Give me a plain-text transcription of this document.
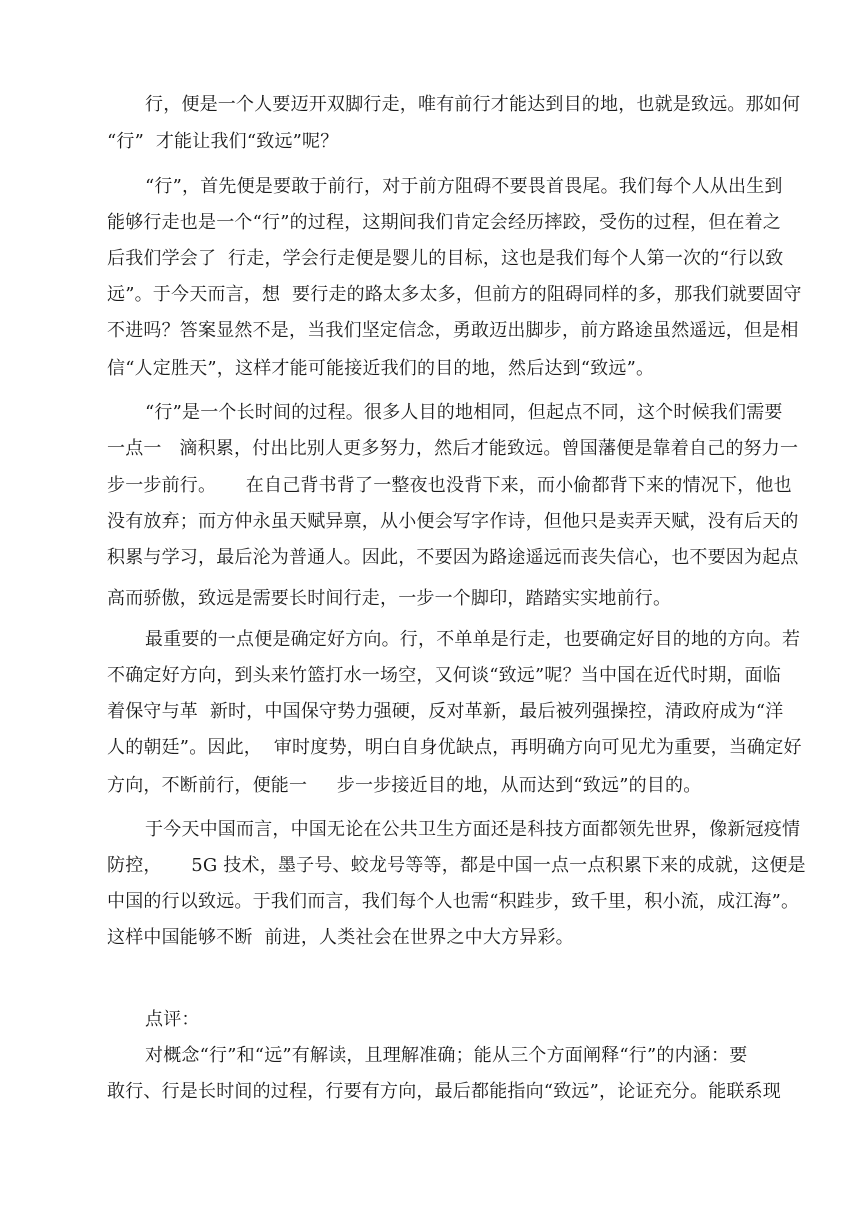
行，便是一个人要迈开双脚行走，唯有前行才能达到目的地，也就是致远。那如何
“行”  才能让我们“致远”呢？
“行”，首先便是要敢于前行，对于前方阻碍不要畏首畏尾。我们每个人从出生到
能够行走也是一个“行”的过程，这期间我们肯定会经历摔跤，受伤的过程，但在着之
后我们学会了  行走，学会行走便是婴儿的目标，这也是我们每个人第一次的“行以致
远”。于今天而言，想  要行走的路太多太多，但前方的阻碍同样的多，那我们就要固守
不进吗？答案显然不是，当我们坚定信念，勇敢迈出脚步，前方路途虽然遥远，但是相
信“人定胜天”，这样才能可能接近我们的目的地，然后达到“致远”。
“行”是一个长时间的过程。很多人目的地相同，但起点不同，这个时候我们需要
一点一   滴积累，付出比别人更多努力，然后才能致远。曾国藩便是靠着自己的努力一
步一步前行。     在自己背书背了一整夜也没背下来，而小偷都背下来的情况下，他也
没有放弃；而方仲永虽天赋异禀，从小便会写字作诗，但他只是卖弄天赋，没有后天的
积累与学习，最后沦为普通人。因此，不要因为路途遥远而丧失信心，也不要因为起点
高而骄傲，致远是需要长时间行走，一步一个脚印，踏踏实实地前行。
最重要的一点便是确定好方向。行，不单单是行走，也要确定好目的地的方向。若
不确定好方向，到头来竹篮打水一场空，又何谈“致远”呢？当中国在近代时期，面临
着保守与革  新时，中国保守势力强硬，反对革新，最后被列强操控，清政府成为“洋
人的朝廷”。因此，  审时度势，明白自身优缺点，再明确方向可见尤为重要，当确定好
方向，不断前行，便能一     步一步接近目的地，从而达到“致远”的目的。
于今天中国而言，中国无论在公共卫生方面还是科技方面都领先世界，像新冠疫情
防控，     5G 技术，墨子号、蛟龙号等等，都是中国一点一点积累下来的成就，这便是
中国的行以致远。于我们而言，我们每个人也需“积跬步，致千里，积小流，成江海”。
这样中国能够不断  前进，人类社会在世界之中大方异彩。
点评：
对概念“行”和“远”有解读，且理解准确；能从三个方面阐释“行”的内涵：要
敢行、行是长时间的过程，行要有方向，最后都能指向“致远”，论证充分。能联系现
